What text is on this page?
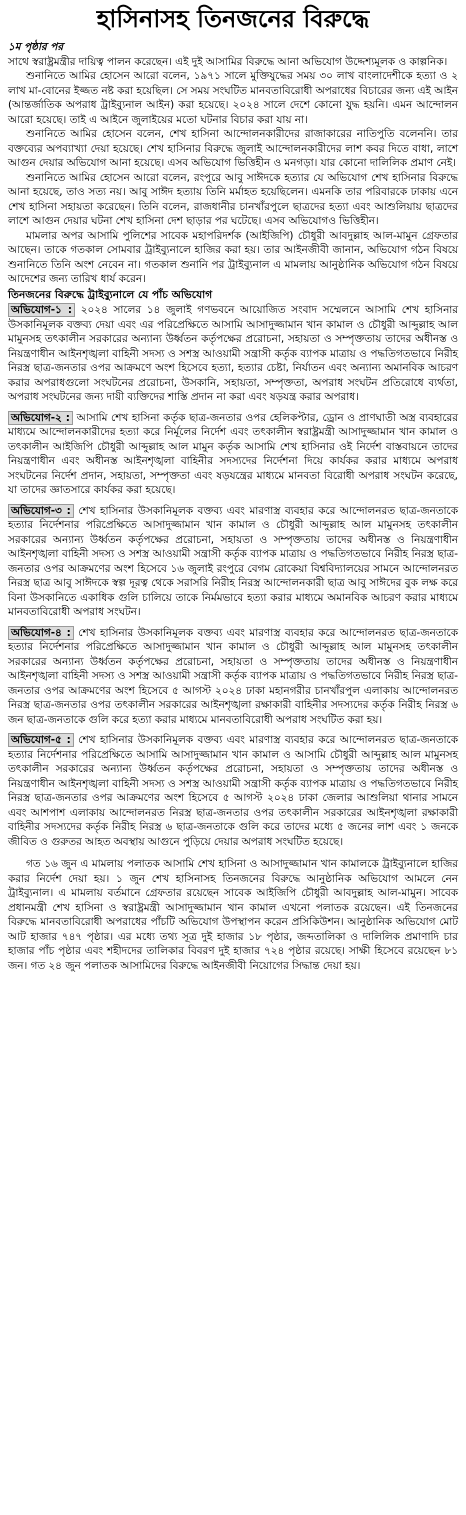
হাসিনাসহ তিনজনের বিরুদ্ধে
১ম পৃষ্ঠার পর

সাথে স্বরাষ্ট্রমন্ত্রীর দায়িত্ব পালন করেছেন। এই দুই আসামির বিরুদ্ধে আনা অভিযোগ উদ্দেশ্যমূলক ও কাল্পনিক।

শুনানিতে আমির হোসেন আরো বলেন, ১৯৭১ সালে মুক্তিযুদ্ধের সময় ৩০ লাখ বাংলাদেশীকে হত্যা ও ২ লাখ মা-বোনের ইজ্জত নষ্ট করা হয়েছিল। সে সময় সংঘটিত মানবতাবিরোধী অপরাধের বিচারের জন্য এই আইন (আন্তর্জাতিক অপরাধ ট্রাইব্যুনাল আইন) করা হয়েছে। ২০২৪ সালে দেশে কোনো যুদ্ধ হয়নি। এমন আন্দোলন আরো হয়েছে। তাই এ আইনে জুলাইয়ের মতো ঘটনার বিচার করা যায় না।

শুনানিতে আমির হোসেন বলেন, শেখ হাসিনা আন্দোলনকারীদের রাজাকারের নাতিপুতি বলেননি। তার বক্তব্যের অপব্যাখ্যা দেয়া হয়েছে। শেখ হাসিনার বিরুদ্ধে জুলাই আন্দোলনকারীদের লাশ কবর দিতে বাধা, লাশে আগুন দেয়ার অভিযোগ আনা হয়েছে। এসব অভিযোগ ভিত্তিহীন ও মনগড়া। যার কোনো দালিলিক প্রমাণ নেই।

শুনানিতে আমির হোসেন আরো বলেন, রংপুরে আবু সাঈদকে হত্যার যে অভিযোগ শেখ হাসিনার বিরুদ্ধে আনা হয়েছে, তাও সত্য নয়। আবু সাঈদ হত্যায় তিনি মর্মাহত হয়েছিলেন। এমনকি তার পরিবারকে ঢাকায় এনে শেখ হাসিনা সহায়তা করেছেন। তিনি বলেন, রাজধানীর চানখাঁরপুলে ছাত্রদের হত্যা এবং আশুলিয়ায় ছাত্রদের লাশে আগুন দেয়ার ঘটনা শেখ হাসিনা দেশ ছাড়ার পর ঘটেছে। এসব অভিযোগও ভিত্তিহীন।

মামলার অপর আসামি পুলিশের সাবেক মহাপরিদর্শক (আইজিপি) চৌধুরী আবদুল্লাহ আল-মামুন গ্রেফতার আছেন। তাকে গতকাল সোমবার ট্রাইব্যুনালে হাজির করা হয়। তার আইনজীবী জানান, অভিযোগ গঠন বিষয়ে শুনানিতে তিনি অংশ নেবেন না। গতকাল শুনানি পর ট্রাইব্যুনাল এ মামলায় আনুষ্ঠানিক অভিযোগ গঠন বিষয়ে আদেশের জন্য তারিখ ধার্য করেন।

তিনজনের বিরুদ্ধে ট্রাইব্যুনালে যে পাঁচ অভিযোগ

অভিযোগ-১ : ২০২৪ সালের ১৪ জুলাই গণভবনে আয়োজিত সংবাদ সম্মেলনে আসামি শেখ হাসিনার উসকানিমূলক বক্তব্য দেয়া এবং এর পরিপ্রেক্ষিতে আসামি আসাদুজ্জামান খান কামাল ও চৌধুরী আব্দুল্লাহ আল মামুনসহ তৎকালীন সরকারের অন্যান্য উর্ধ্বতন কর্তৃপক্ষের প্ররোচনা, সহায়তা ও সম্পৃক্ততায় তাদের অধীনস্ত ও নিয়ন্ত্রণাধীন আইনশৃঙ্খলা বাহিনী সদস্য ও সশস্ত্র আওয়ামী সন্ত্রাসী কর্তৃক ব্যাপক মাত্রায় ও পদ্ধতিগতভাবে নিরীহ নিরস্ত্র ছাত্র-জনতার ওপর আক্রমণে অংশ হিসেবে হত্যা, হত্যার চেষ্টা, নির্যাতন এবং অন্যান্য অমানবিক আচরণ করার অপরাধগুলো সংঘটনের প্ররোচনা, উসকানি, সহায়তা, সম্পৃক্ততা, অপরাধ সংঘটন প্রতিরোধে ব্যর্থতা, অপরাধ সংঘটনের জন্য দায়ী ব্যক্তিদের শাস্তি প্রদান না করা এবং ষড়যন্ত্র করার অপরাধ।

অভিযোগ-২ : আসামি শেখ হাসিনা কর্তৃক ছাত্র-জনতার ওপর হেলিকপ্টার, ড্রোন ও প্রাণঘাতী অস্ত্র ব্যবহারের মাধ্যমে আন্দোলনকারীদের হত্যা করে নির্মূলের নির্দেশ এবং তৎকালীন স্বরাষ্ট্রমন্ত্রী আসাদুজ্জামান খান কামাল ও তৎকালীন আইজিপি চৌধুরী আব্দুল্লাহ আল মামুন কর্তৃক আসামি শেখ হাসিনার ওই নির্দেশ বাস্তবায়নে তাদের নিয়ন্ত্রণাধীন এবং অধীনস্ত আইনশৃঙ্খলা বাহিনীর সদস্যদের নির্দেশনা দিয়ে কার্যকর করার মাধ্যমে অপরাধ সংঘটনের নির্দেশ প্রদান, সহায়তা, সম্পৃক্ততা এবং ষড়যন্ত্রের মাধ্যমে মানবতা বিরোধী অপরাধ সংঘটন করেছে, যা তাদের জ্ঞাতসারে কার্যকর করা হয়েছে।

অভিযোগ-৩ : শেখ হাসিনার উসকানিমূলক বক্তব্য এবং মারণাস্ত্র ব্যবহার করে আন্দোলনরত ছাত্র-জনতাকে হত্যার নির্দেশনার পরিপ্রেক্ষিতে আসাদুজ্জামান খান কামাল ও চৌধুরী আব্দুল্লাহ আল মামুনসহ তৎকালীন সরকারের অন্যান্য উর্ধ্বতন কর্তৃপক্ষের প্ররোচনা, সহায়তা ও সম্পৃক্ততায় তাদের অধীনস্ত ও নিয়ন্ত্রণাধীন আইনশৃঙ্খলা বাহিনী সদস্য ও সশস্ত্র আওয়ামী সন্ত্রাসী কর্তৃক ব্যাপক মাত্রায় ও পদ্ধতিগতভাবে নিরীহ নিরস্ত্র ছাত্র-জনতার ওপর আক্রমণের অংশ হিসেবে ১৬ জুলাই রংপুরে বেগম রোকেয়া বিশ্ববিদ্যালয়ের সামনে আন্দোলনরত নিরস্ত্র ছাত্র আবু সাঈদকে স্বল্প দূরত্ব থেকে সরাসরি নিরীহ নিরস্ত্র আন্দোলনকারী ছাত্র আবু সাঈদের বুক লক্ষ করে বিনা উসকানিতে একাধিক গুলি চালিয়ে তাকে নির্মমভাবে হত্যা করার মাধ্যমে অমানবিক আচরণ করার মাধ্যমে মানবতাবিরোধী অপরাধ সংঘটন।

অভিযোগ-৪ : শেখ হাসিনার উসকানিমূলক বক্তব্য এবং মারণাস্ত্র ব্যবহার করে আন্দোলনরত ছাত্র-জনতাকে হত্যার নির্দেশনার পরিপ্রেক্ষিতে আসাদুজ্জামান খান কামাল ও চৌধুরী আব্দুল্লাহ আল মামুনসহ তৎকালীন সরকারের অন্যান্য উর্ধ্বতন কর্তৃপক্ষের প্ররোচনা, সহায়তা ও সম্পৃক্ততায় তাদের অধীনস্ত ও নিয়ন্ত্রণাধীন আইনশৃঙ্খলা বাহিনী সদস্য ও সশস্ত্র আওয়ামী সন্ত্রাসী কর্তৃক ব্যাপক মাত্রায় ও পদ্ধতিগতভাবে নিরীহ নিরস্ত্র ছাত্র-জনতার ওপর আক্রমণের অংশ হিসেবে ৫ আগস্ট ২০২৪ ঢাকা মহানগরীর চানখাঁরপুল এলাকায় আন্দোলনরত নিরস্ত্র ছাত্র-জনতার ওপর তৎকালীন সরকারের আইনশৃঙ্খলা রক্ষাকারী বাহিনীর সদস্যদের কর্তৃক নিরীহ নিরস্ত্র ৬ জন ছাত্র-জনতাকে গুলি করে হত্যা করার মাধ্যমে মানবতাবিরোধী অপরাধ সংঘটিত করা হয়।

অভিযোগ-৫ : শেখ হাসিনার উসকানিমূলক বক্তব্য এবং মারণাস্ত্র ব্যবহার করে আন্দোলনরত ছাত্র-জনতাকে হত্যার নির্দেশনার পরিপ্রেক্ষিতে আসামি আসাদুজ্জামান খান কামাল ও আসামি চৌধুরী আব্দুল্লাহ আল মামুনসহ তৎকালীন সরকারের অন্যান্য উর্ধ্বতন কর্তৃপক্ষের প্ররোচনা, সহায়তা ও সম্পৃক্ততায় তাদের অধীনস্ত ও নিয়ন্ত্রণাধীন আইনশৃঙ্খলা বাহিনী সদস্য ও সশস্ত্র আওয়ামী সন্ত্রাসী কর্তৃক ব্যাপক মাত্রায় ও পদ্ধতিগতভাবে নিরীহ নিরস্ত্র ছাত্র-জনতার ওপর আক্রমণের অংশ হিসেবে ৫ আগস্ট ২০২৪ ঢাকা জেলার আশুলিয়া থানার সামনে এবং আশপাশ এলাকায় আন্দোলনরত নিরস্ত্র ছাত্র-জনতার ওপর তৎকালীন সরকারের আইনশৃঙ্খলা রক্ষাকারী বাহিনীর সদস্যদের কর্তৃক নিরীহ নিরস্ত্র ৬ ছাত্র-জনতাকে গুলি করে তাদের মধ্যে ৫ জনের লাশ এবং ১ জনকে জীবিত ও গুরুতর আহত অবস্থায় আগুনে পুড়িয়ে দেয়ার অপরাধ সংঘটিত হয়েছে।

গত ১৬ জুন এ মামলায় পলাতক আসামি শেখ হাসিনা ও আসাদুজ্জামান খান কামালকে ট্রাইব্যুনালে হাজির করার নির্দেশ দেয়া হয়। ১ জুন শেখ হাসিনাসহ তিনজনের বিরুদ্ধে আনুষ্ঠানিক অভিযোগ আমলে নেন ট্রাইব্যুনাল। এ মামলায় বর্তমানে গ্রেফতার রয়েছেন সাবেক আইজিপি চৌধুরী আবদুল্লাহ আল-মামুন। সাবেক প্রধানমন্ত্রী শেখ হাসিনা ও স্বরাষ্ট্রমন্ত্রী আসাদুজ্জামান খান কামাল এখনো পলাতক রয়েছেন। এই তিনজনের বিরুদ্ধে মানবতাবিরোধী অপরাধের পাঁচটি অভিযোগ উপস্থাপন করেন প্রসিকিউশন। আনুষ্ঠানিক অভিযোগ মোট আট হাজার ৭৪৭ পৃষ্ঠার। এর মধ্যে তথ্য সূত্র দুই হাজার ১৮ পৃষ্ঠার, জব্দতালিকা ও দালিলিক প্রমাণাদি চার হাজার পাঁচ পৃষ্ঠার এবং শহীদদের তালিকার বিবরণ দুই হাজার ৭২৪ পৃষ্ঠার রয়েছে। সাক্ষী হিসেবে রয়েছেন ৮১ জন। গত ২৪ জুন পলাতক আসামিদের বিরুদ্ধে আইনজীবী নিয়োগের সিদ্ধান্ত দেয়া হয়।
